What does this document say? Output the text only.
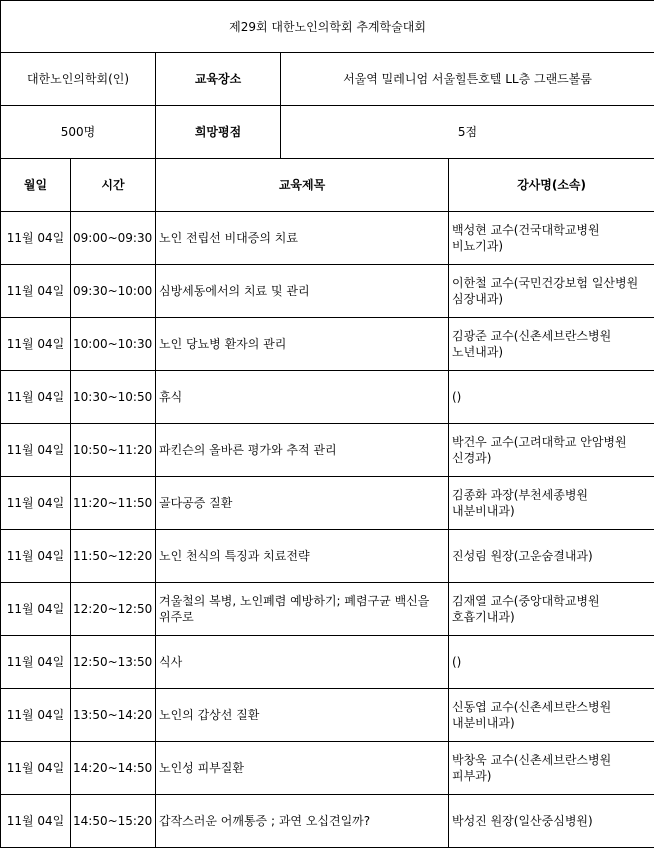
제29회 대한노인의학회 추계학술대회				
대한노인의학회(인)		교육장소	서울역 밀레니엄 서울힐튼호텔 LL층 그랜드볼룸	
500명		희망평점	5점	
월일	시간	교육제목		강사명(소속)
11월 04일	09:00~09:30	노인 전립선 비대증의 치료		백성현 교수(건국대학교병원 비뇨기과)
11월 04일	09:30~10:00	심방세동에서의 치료 및 관리		이한철 교수(국민건강보험 일산병원 심장내과)
11월 04일	10:00~10:30	노인 당뇨병 환자의 관리		김광준 교수(신촌세브란스병원 노년내과)
11월 04일	10:30~10:50	휴식		()
11월 04일	10:50~11:20	파킨슨의 올바른 평가와 추적 관리		박건우 교수(고려대학교 안암병원 신경과)
11월 04일	11:20~11:50	골다공증 질환		김종화 과장(부천세종병원 내분비내과)
11월 04일	11:50~12:20	노인 천식의 특징과 치료전략		진성림 원장(고운숨결내과)
11월 04일	12:20~12:50	겨울철의 복병, 노인폐렴 예방하기; 폐렴구균 백신을 위주로		김재열 교수(중앙대학교병원 호흡기내과)
11월 04일	12:50~13:50	식사		()
11월 04일	13:50~14:20	노인의 갑상선 질환		신동엽 교수(신촌세브란스병원 내분비내과)
11월 04일	14:20~14:50	노인성 피부질환		박창욱 교수(신촌세브란스병원 피부과)
11월 04일	14:50~15:20	갑작스러운 어깨통증 ; 과연 오십견일까?		박성진 원장(일산중심병원)
